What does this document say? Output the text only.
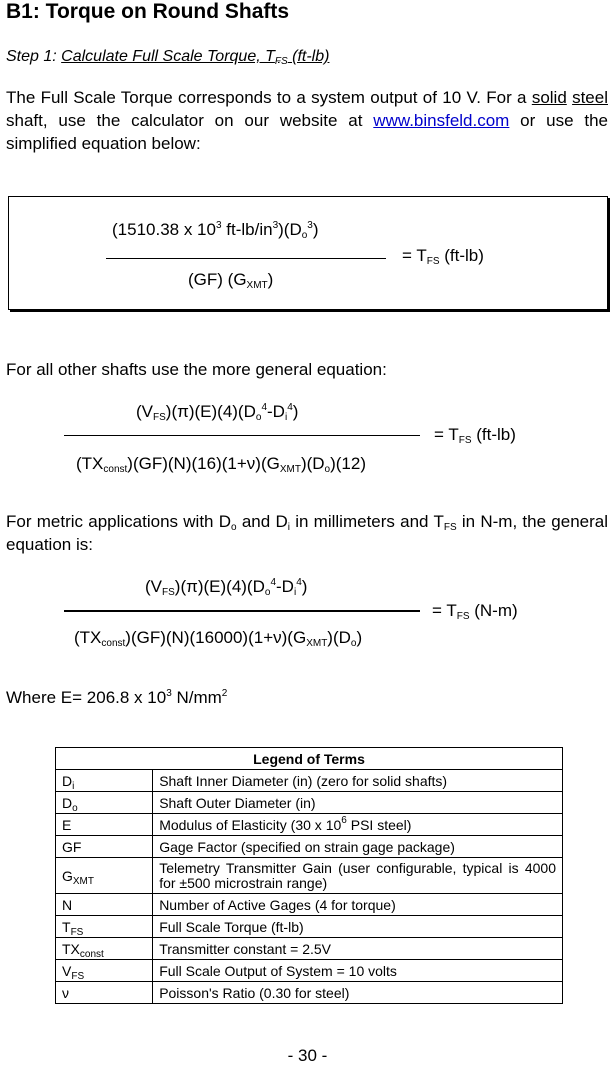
B1: Torque on Round Shafts
Step 1: Calculate Full Scale Torque, $T_{FS}$ (ft-lb)
The Full Scale Torque corresponds to a system output of 10 V. For a solid steel shaft, use the calculator on our website at www.binsfeld.com or use the simplified equation below:
(1510.38 x $10^3$ $ft-lb/in^3)(D_o^3)$
(GF) $(G_{XMT})$
= $T_{FS}$ (ft-lb)
For all other shafts use the more general equation:
$(V_{FS})(\pi)(E)(4)(D_o^4-D_i^4)$
$(TX_{const})(GF)(N)(16)(1+\nu)(G_{XMT})(D_o)(12)$
= $T_{FS}$ (ft-lb)
For metric applications with $D_o$ and $D_i$ in millimeters and $T_{FS}$ in N-m, the general equation is:
$(V_{FS})(\pi)(E)(4)(D_o^4-D_i^4)$
$(TX_{const})(GF)(N)(16000)(1+\nu)(G_{XMT})(D_o)$
= $T_{FS}$ (N-m)
Where E= 206.8 x $10^3$ $N/mm^2$
Legend of Terms	
$D_i$	Shaft Inner Diameter (in) (zero for solid shafts)
$D_o$	Shaft Outer Diameter (in)
E	Modulus of Elasticity (30 x $10^6$ PSI steel)
GF	Gage Factor (specified on strain gage package)
$G_{XMT}$	Telemetry Transmitter Gain (user configurable, typical is 4000 for ±500 microstrain range)
N	Number of Active Gages (4 for torque)
$T_{FS}$	Full Scale Torque (ft-lb)
$TX_{const}$	Transmitter constant = 2.5V
$V_{FS}$	Full Scale Output of System = 10 volts
ν	Poisson's Ratio (0.30 for steel)
- 30 -
